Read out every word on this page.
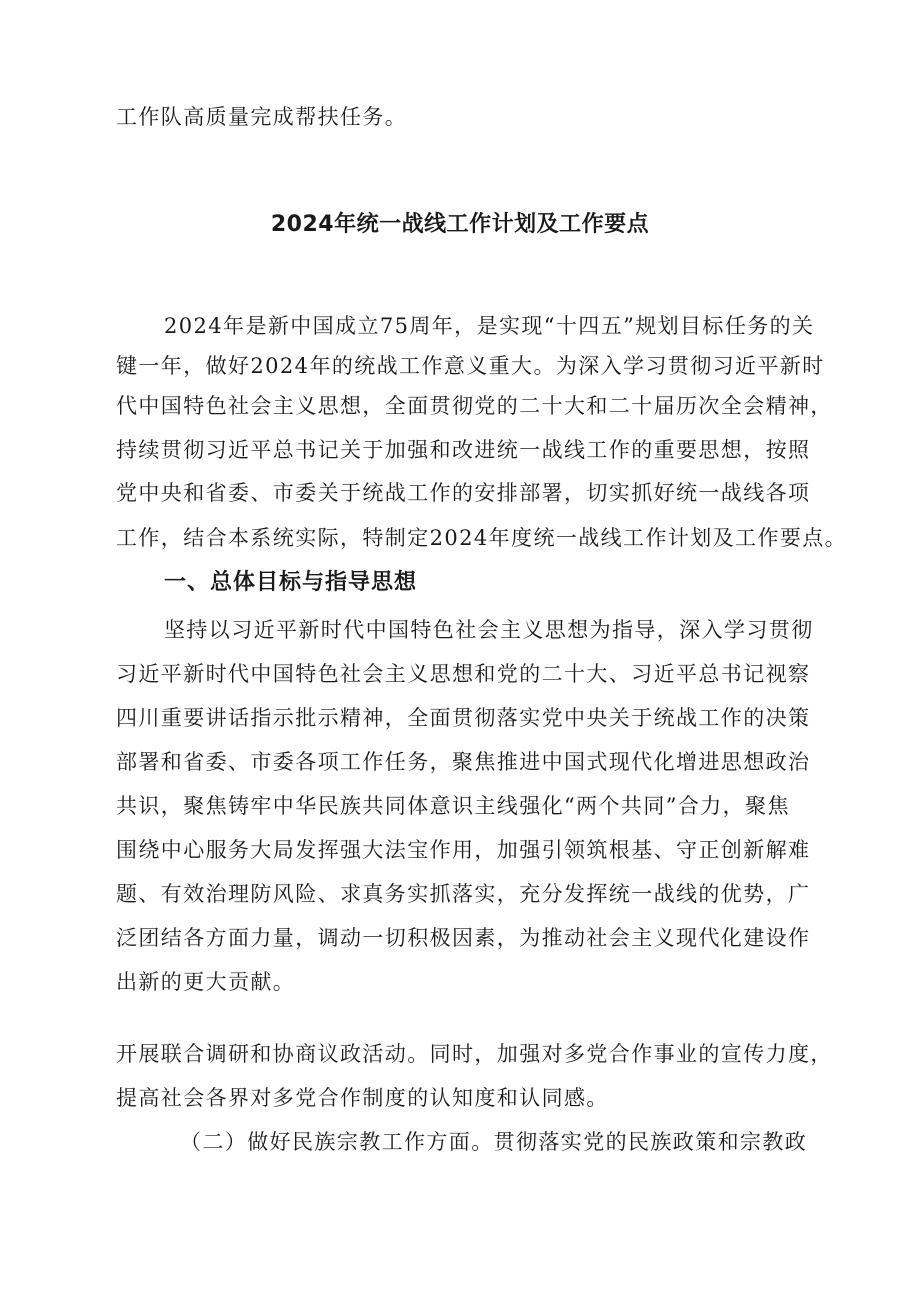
工作队高质量完成帮扶任务。
2024年统一战线工作计划及工作要点
2024年是新中国成立75周年，是实现“十四五”规划目标任务的关
键一年，做好2024年的统战工作意义重大。为深入学习贯彻习近平新时
代中国特色社会主义思想，全面贯彻党的二十大和二十届历次全会精神，
持续贯彻习近平总书记关于加强和改进统一战线工作的重要思想，按照
党中央和省委、市委关于统战工作的安排部署，切实抓好统一战线各项
工作，结合本系统实际，特制定2024年度统一战线工作计划及工作要点。
一、总体目标与指导思想
坚持以习近平新时代中国特色社会主义思想为指导，深入学习贯彻
习近平新时代中国特色社会主义思想和党的二十大、习近平总书记视察
四川重要讲话指示批示精神，全面贯彻落实党中央关于统战工作的决策
部署和省委、市委各项工作任务，聚焦推进中国式现代化增进思想政治
共识，聚焦铸牢中华民族共同体意识主线强化“两个共同”合力，聚焦
围绕中心服务大局发挥强大法宝作用，加强引领筑根基、守正创新解难
题、有效治理防风险、求真务实抓落实，充分发挥统一战线的优势，广
泛团结各方面力量，调动一切积极因素，为推动社会主义现代化建设作
出新的更大贡献。
开展联合调研和协商议政活动。同时，加强对多党合作事业的宣传力度，
提高社会各界对多党合作制度的认知度和认同感。
（二）做好民族宗教工作方面。贯彻落实党的民族政策和宗教政
